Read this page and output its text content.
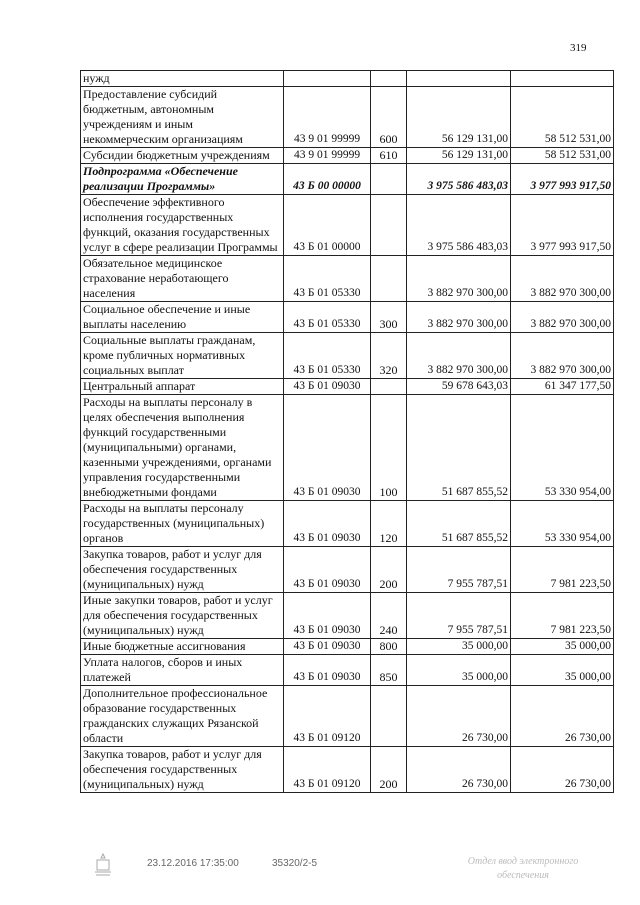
319
нужд				
Предоставление субсидий бюджетным, автономным учреждениям и иным некоммерческим организациям	43 9 01 99999	600	56 129 131,00	58 512 531,00
Субсидии бюджетным учреждениям	43 9 01 99999	610	56 129 131,00	58 512 531,00
Подпрограмма «Обеспечение реализации Программы»	43 Б 00 00000		3 975 586 483,03	3 977 993 917,50
Обеспечение эффективного исполнения государственных функций, оказания государственных услуг в сфере реализации Программы	43 Б 01 00000		3 975 586 483,03	3 977 993 917,50
Обязательное медицинское страхование неработающего населения	43 Б 01 05330		3 882 970 300,00	3 882 970 300,00
Социальное обеспечение и иные выплаты населению	43 Б 01 05330	300	3 882 970 300,00	3 882 970 300,00
Социальные выплаты гражданам, кроме публичных нормативных социальных выплат	43 Б 01 05330	320	3 882 970 300,00	3 882 970 300,00
Центральный аппарат	43 Б 01 09030		59 678 643,03	61 347 177,50
Расходы на выплаты персоналу в целях обеспечения выполнения функций государственными (муниципальными) органами, казенными учреждениями, органами управления государственными внебюджетными фондами	43 Б 01 09030	100	51 687 855,52	53 330 954,00
Расходы на выплаты персоналу государственных (муниципальных) органов	43 Б 01 09030	120	51 687 855,52	53 330 954,00
Закупка товаров, работ и услуг для обеспечения государственных (муниципальных) нужд	43 Б 01 09030	200	7 955 787,51	7 981 223,50
Иные закупки товаров, работ и услуг для обеспечения государственных (муниципальных) нужд	43 Б 01 09030	240	7 955 787,51	7 981 223,50
Иные бюджетные ассигнования	43 Б 01 09030	800	35 000,00	35 000,00
Уплата налогов, сборов и иных платежей	43 Б 01 09030	850	35 000,00	35 000,00
Дополнительное профессиональное образование государственных гражданских служащих Рязанской области	43 Б 01 09120		26 730,00	26 730,00
Закупка товаров, работ и услуг для обеспечения государственных (муниципальных) нужд	43 Б 01 09120	200	26 730,00	26 730,00
23.12.2016 17:35:00	35320/2-5	Отдел ввод электронного
обеспечения
